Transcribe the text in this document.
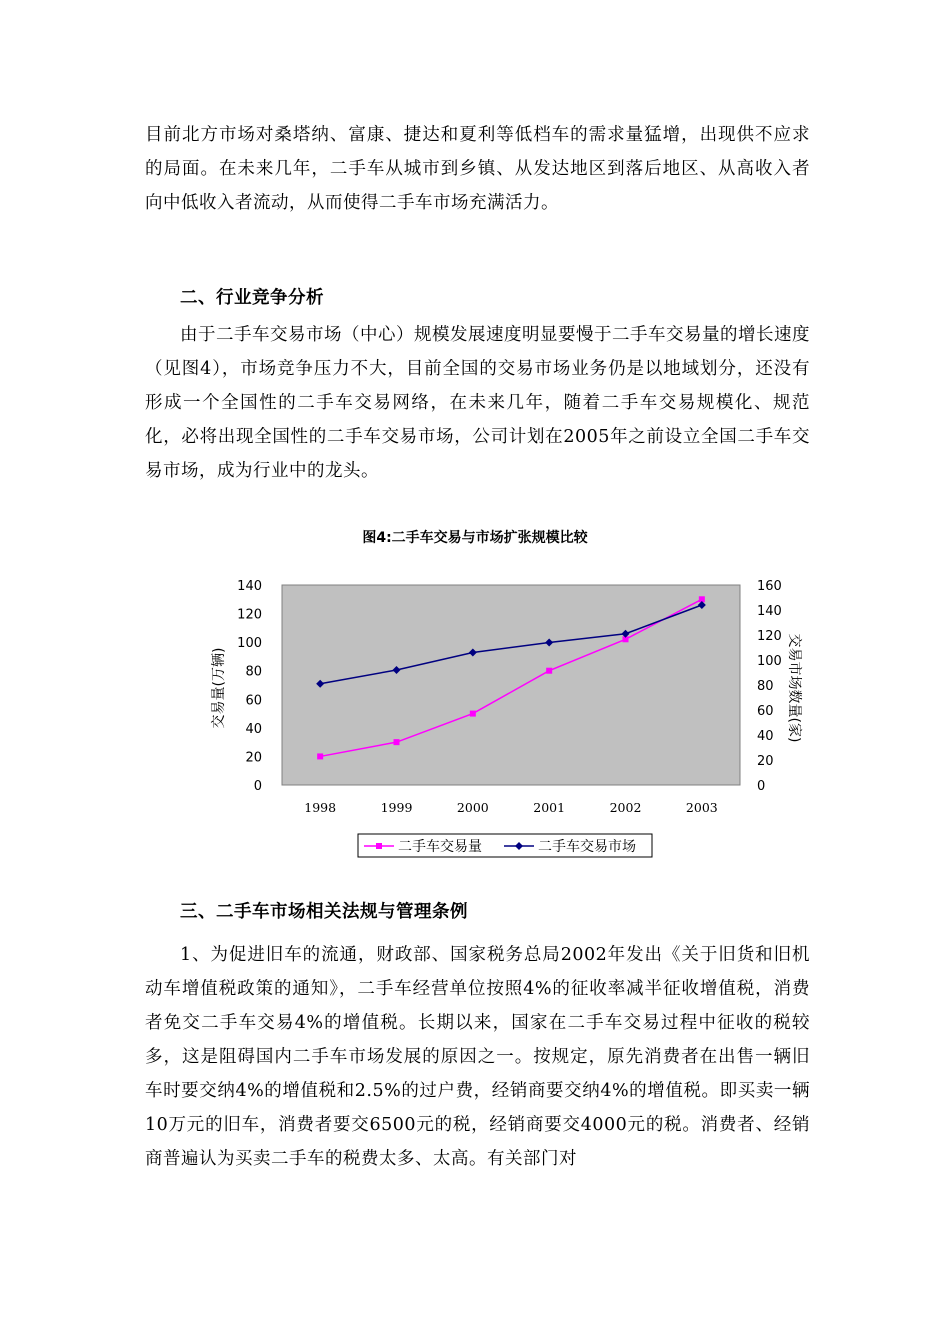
目前北方市场对桑塔纳、富康、捷达和夏利等低档车的需求量猛增，出现供不应求的局面。在未来几年，二手车从城市到乡镇、从发达地区到落后地区、从高收入者向中低收入者流动，从而使得二手车市场充满活力。

二、行业竞争分析

由于二手车交易市场（中心）规模发展速度明显要慢于二手车交易量的增长速度（见图4），市场竞争压力不大，目前全国的交易市场业务仍是以地域划分，还没有形成一个全国性的二手车交易网络，在未来几年，随着二手车交易规模化、规范化，必将出现全国性的二手车交易市场，公司计划在2005年之前设立全国二手车交易市场，成为行业中的龙头。

图4:二手车交易与市场扩张规模比较
交易量(万辆)	交易市场数量(家)
二手车交易量	二手车交易市场
140
120
100
80
60
40
20
0
160
140
120
100
80
60
40
20
0
1998	1999	2000	2001	2002	2003
三、二手车市场相关法规与管理条例

1、为促进旧车的流通，财政部、国家税务总局2002年发出《关于旧货和旧机动车增值税政策的通知》，二手车经营单位按照4%的征收率减半征收增值税，消费者免交二手车交易4%的增值税。长期以来，国家在二手车交易过程中征收的税较多，这是阻碍国内二手车市场发展的原因之一。按规定，原先消费者在出售一辆旧车时要交纳4%的增值税和2.5%的过户费，经销商要交纳4%的增值税。即买卖一辆10万元的旧车，消费者要交6500元的税，经销商要交4000元的税。消费者、经销商普遍认为买卖二手车的税费太多、太高。有关部门对
